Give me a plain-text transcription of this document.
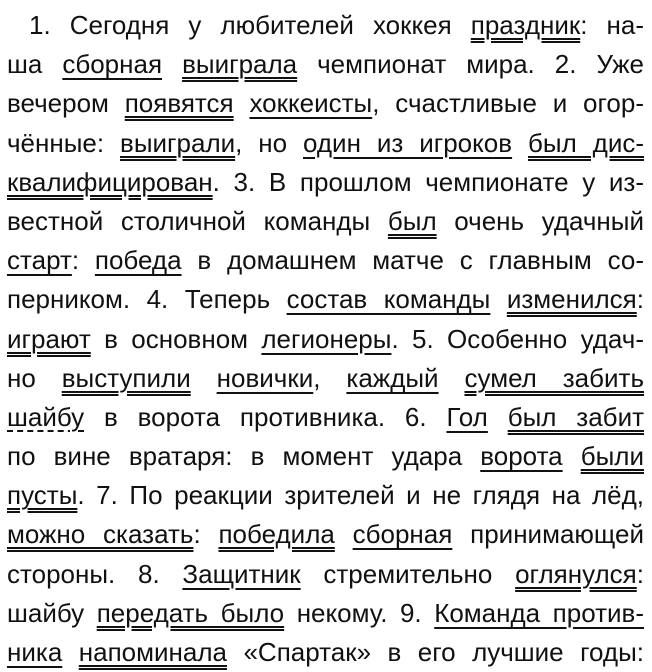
1. Сегодня у любителей хоккея праздник: на-
ша сборная выиграла чемпионат мира. 2. Уже
вечером появятся хоккеисты, счастливые и огор-
чённые: выиграли, но один из игроков был дис-
квалифицирован. 3. В прошлом чемпионате у из-
вестной столичной команды был очень удачный
старт: победа в домашнем матче с главным со-
перником. 4. Теперь состав команды изменился:
играют в основном легионеры. 5. Особенно удач-
но выступили новички, каждый сумел забить
шайбу в ворота противника. 6. Гол был забит
по вине вратаря: в момент удара ворота были
пусты. 7. По реакции зрителей и не глядя на лёд,
можно сказать: победила сборная принимающей
стороны. 8. Защитник стремительно оглянулся:
шайбу передать было некому. 9. Команда против-
ника напоминала «Спартак» в его лучшие годы:
